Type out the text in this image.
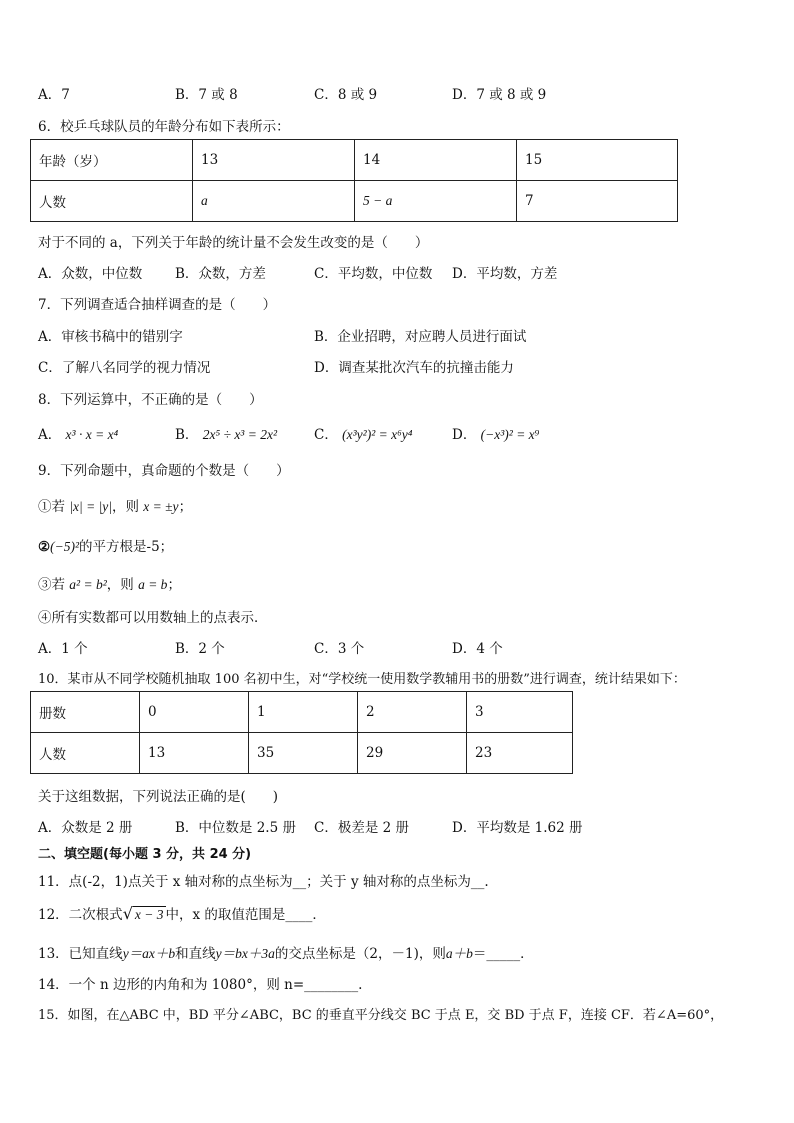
A．7	B．7 或 8	C．8 或 9	D．7 或 8 或 9
6．校乒乓球队员的年龄分布如下表所示：
年龄（岁）	13	14	15
人数	a	5 − a	7
对于不同的 a，下列关于年龄的统计量不会发生改变的是（　　）
A．众数，中位数 B．众数，方差	C．平均数，中位数 D．平均数，方差
7．下列调查适合抽样调查的是（　　）
A．审核书稿中的错别字	B．企业招聘，对应聘人员进行面试
C．了解八名同学的视力情况	D．调查某批次汽车的抗撞击能力
8．下列运算中，不正确的是（　　）
A． x³ · x = x⁴	B． 2x⁵ ÷ x³ = 2x²	C． (x³y²)² = x⁶y⁴	D． (−x³)² = x⁹
9．下列命题中，真命题的个数是（　　）
①若 |x| = |y|，则 x = ±y；
②(−5)²的平方根是-5；
③若 a² = b²，则 a = b；
④所有实数都可以用数轴上的点表示．
A．1 个	B．2 个	C．3 个	D．4 个
10．某市从不同学校随机抽取 100 名初中生，对“学校统一使用数学教辅用书的册数”进行调查，统计结果如下：
册数	0	1	2	3
人数	13	35	29	23
关于这组数据，下列说法正确的是(　　)
A．众数是 2 册	B．中位数是 2.5 册 C．极差是 2 册	D．平均数是 1.62 册
二、填空题(每小题 3 分，共 24 分)
11．点(-2，1)点关于 x 轴对称的点坐标为__；关于 y 轴对称的点坐标为__.
12．二次根式√ x − 3 中，x 的取值范围是____．
13．已知直线y＝ax＋b和直线y＝bx＋3a的交点坐标是（2，－1)，则a＋b＝_____．
14．一个 n 边形的内角和为 1080°，则 n=________.
15．如图，在△ABC 中，BD 平分∠ABC，BC 的垂直平分线交 BC 于点 E，交 BD 于点 F，连接 CF．若∠A=60°，
